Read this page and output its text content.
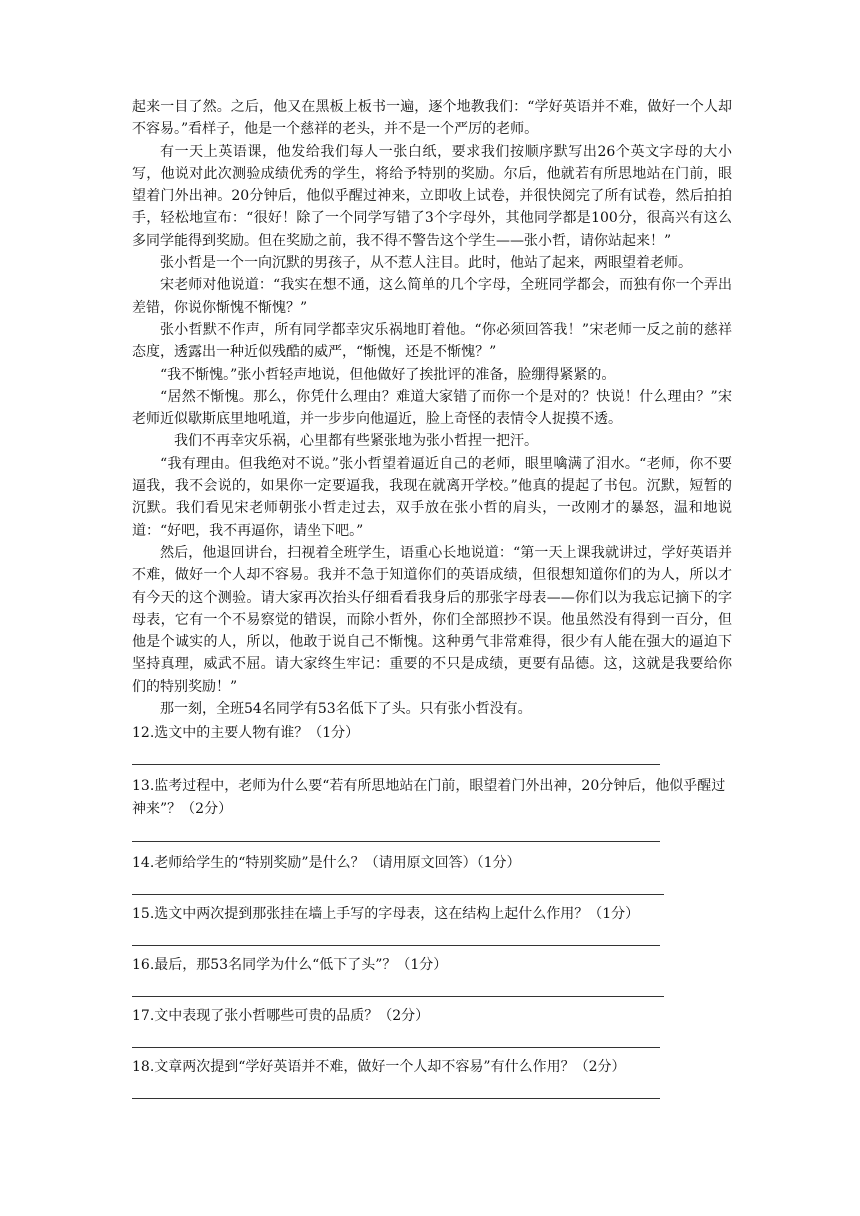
起来一目了然。之后，他又在黑板上板书一遍，逐个地教我们：“学好英语并不难，做好一个人却不容易。”看样子，他是一个慈祥的老头，并不是一个严厉的老师。

有一天上英语课，他发给我们每人一张白纸，要求我们按顺序默写出26个英文字母的大小写，他说对此次测验成绩优秀的学生，将给予特别的奖励。尔后，他就若有所思地站在门前，眼望着门外出神。20分钟后，他似乎醒过神来，立即收上试卷，并很快阅完了所有试卷，然后拍拍手，轻松地宣布：“很好！除了一个同学写错了3个字母外，其他同学都是100分，很高兴有这么多同学能得到奖励。但在奖励之前，我不得不警告这个学生——张小哲，请你站起来！”

张小哲是一个一向沉默的男孩子，从不惹人注目。此时，他站了起来，两眼望着老师。

宋老师对他说道：“我实在想不通，这么简单的几个字母，全班同学都会，而独有你一个弄出差错，你说你惭愧不惭愧？”

张小哲默不作声，所有同学都幸灾乐祸地盯着他。“你必须回答我！”宋老师一反之前的慈祥态度，透露出一种近似残酷的威严，“惭愧，还是不惭愧？”

“我不惭愧。”张小哲轻声地说，但他做好了挨批评的准备，脸绷得紧紧的。

“居然不惭愧。那么，你凭什么理由？难道大家错了而你一个是对的？快说！什么理由？”宋老师近似歇斯底里地吼道，并一步步向他逼近，脸上奇怪的表情令人捉摸不透。

我们不再幸灾乐祸，心里都有些紧张地为张小哲捏一把汗。

“我有理由。但我绝对不说。”张小哲望着逼近自己的老师，眼里噙满了泪水。“老师，你不要逼我，我不会说的，如果你一定要逼我，我现在就离开学校。”他真的提起了书包。沉默，短暂的沉默。我们看见宋老师朝张小哲走过去，双手放在张小哲的肩头，一改刚才的暴怒，温和地说道：“好吧，我不再逼你，请坐下吧。”

然后，他退回讲台，扫视着全班学生，语重心长地说道：“第一天上课我就讲过，学好英语并不难，做好一个人却不容易。我并不急于知道你们的英语成绩，但很想知道你们的为人，所以才有今天的这个测验。请大家再次抬头仔细看看我身后的那张字母表——你们以为我忘记摘下的字母表，它有一个不易察觉的错误，而除小哲外，你们全部照抄不误。他虽然没有得到一百分，但他是个诚实的人，所以，他敢于说自己不惭愧。这种勇气非常难得，很少有人能在强大的逼迫下坚持真理，威武不屈。请大家终生牢记：重要的不只是成绩，更要有品德。这，这就是我要给你们的特别奖励！”

那一刻，全班54名同学有53名低下了头。只有张小哲没有。

12.选文中的主要人物有谁？（1分）

13.监考过程中，老师为什么要“若有所思地站在门前，眼望着门外出神，20分钟后，他似乎醒过神来”？（2分）

14.老师给学生的“特别奖励”是什么？（请用原文回答）（1分）

15.选文中两次提到那张挂在墙上手写的字母表，这在结构上起什么作用？（1分）

16.最后，那53名同学为什么“低下了头”？（1分）

17.文中表现了张小哲哪些可贵的品质？（2分）

18.文章两次提到“学好英语并不难，做好一个人却不容易”有什么作用？（2分）
